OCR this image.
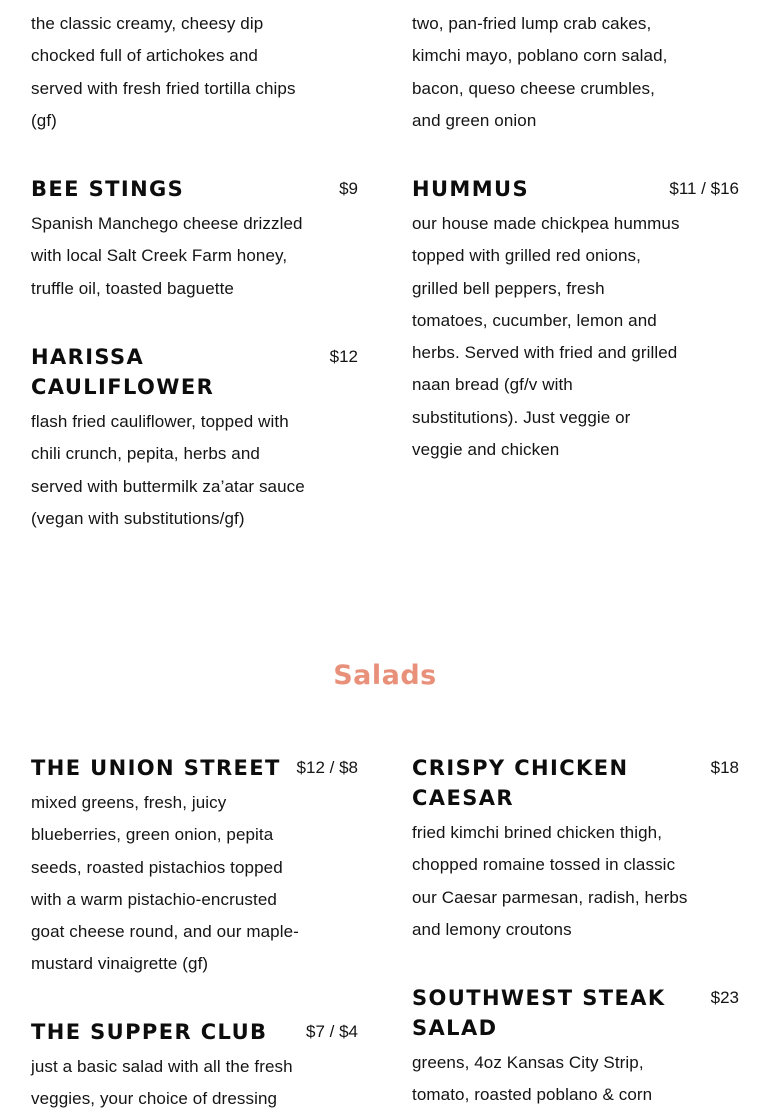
the classic creamy, cheesy dip chocked full of artichokes and served with fresh fried tortilla chips (gf)

two, pan-fried lump crab cakes, kimchi mayo, poblano corn salad, bacon, queso cheese crumbles, and green onion

BEE STINGS	$9

Spanish Manchego cheese drizzled with local Salt Creek Farm honey, truffle oil, toasted baguette

HUMMUS	$11 / $16

our house made chickpea hummus topped with grilled red onions, grilled bell peppers, fresh tomatoes, cucumber, lemon and herbs. Served with fried and grilled naan bread (gf/v with substitutions). Just veggie or veggie and chicken

HARISSA CAULIFLOWER
$12

flash fried cauliflower, topped with chili crunch, pepita, herbs and served with buttermilk za’atar sauce (vegan with substitutions/gf)

Salads
THE UNION STREET $12 / $8

mixed greens, fresh, juicy blueberries, green onion, pepita seeds, roasted pistachios topped with a warm pistachio-encrusted goat cheese round, and our maple-mustard vinaigrette (gf)

CRISPY CHICKEN CAESAR
$18

fried kimchi brined chicken thigh, chopped romaine tossed in classic our Caesar parmesan, radish, herbs and lemony croutons

THE SUPPER CLUB	$7 / $4

just a basic salad with all the fresh veggies, your choice of dressing

SOUTHWEST STEAK SALAD
$23

greens, 4oz Kansas City Strip, tomato, roasted poblano & corn
